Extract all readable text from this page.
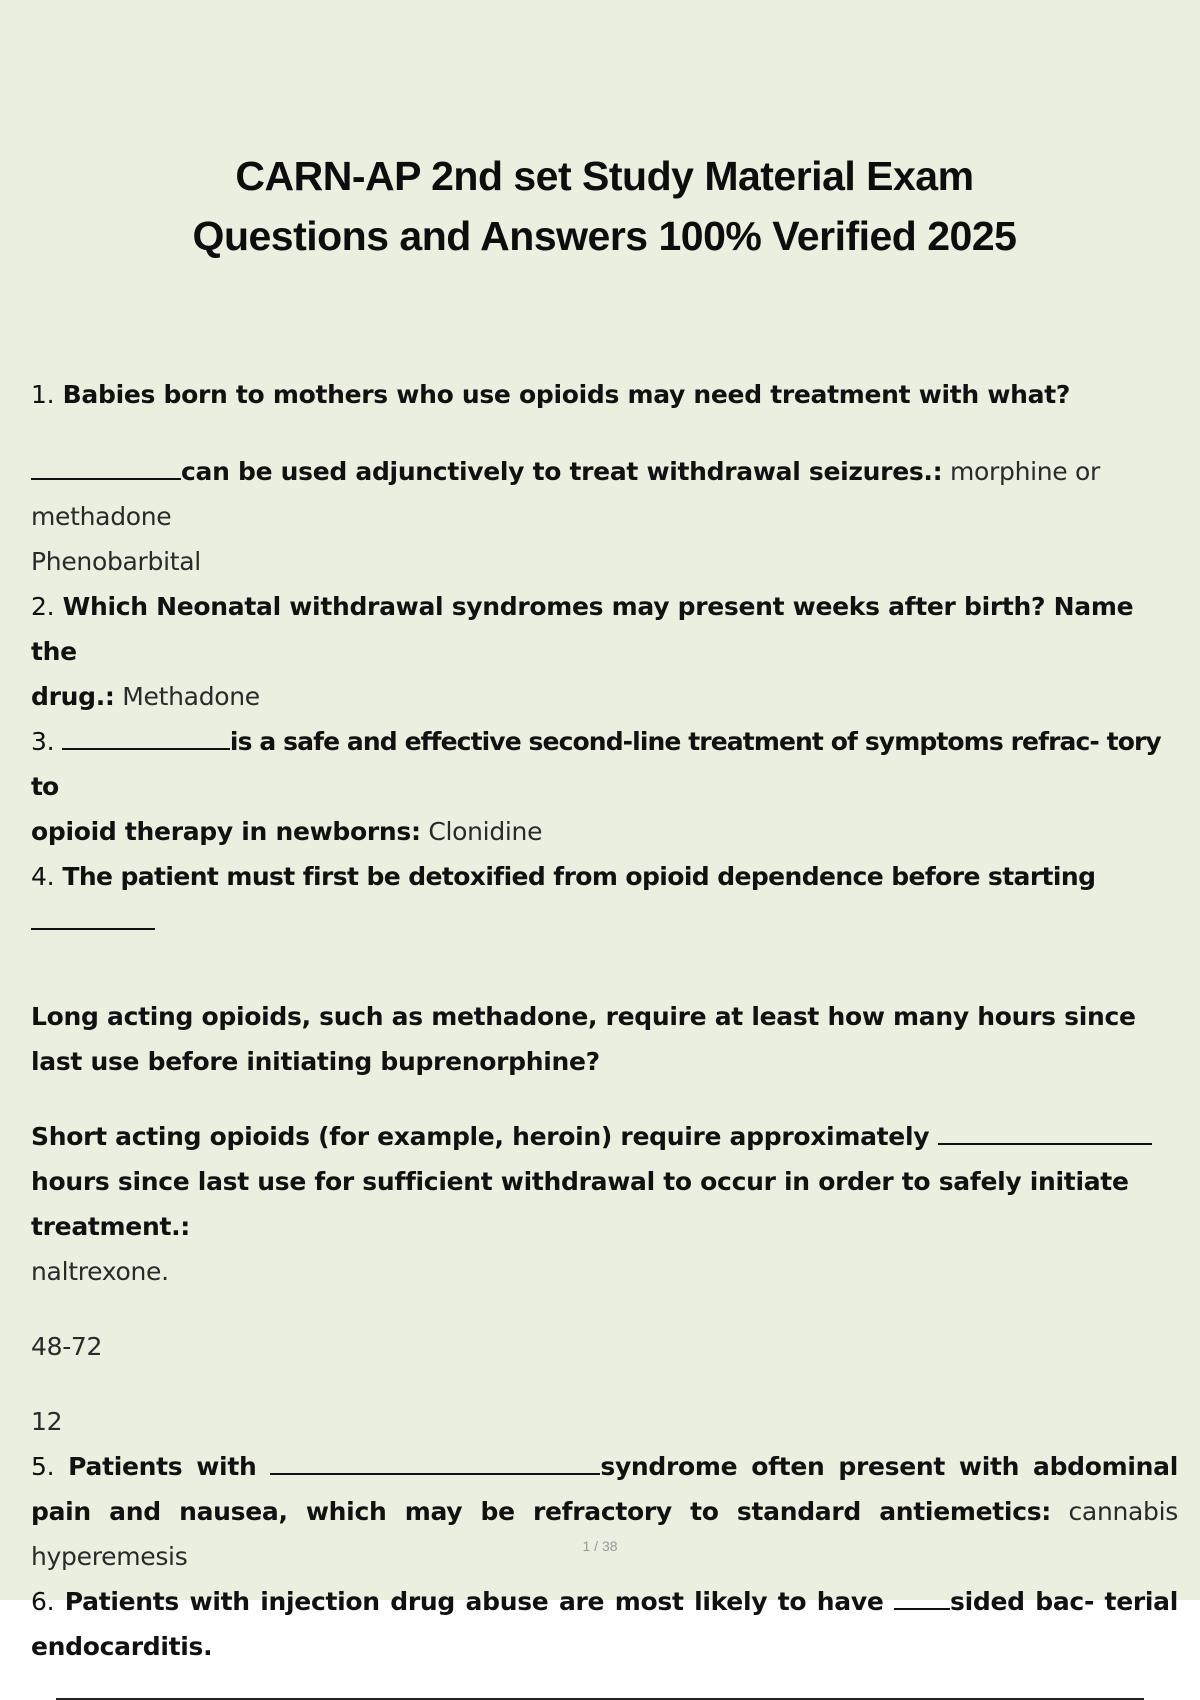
CARN-AP 2nd set Study Material Exam
Questions and Answers 100% Verified 2025

1. Babies born to mothers who use opioids may need treatment with what?

can be used adjunctively to treat withdrawal seizures.: morphine or

methadone

Phenobarbital

2. Which Neonatal withdrawal syndromes may present weeks after birth? Name the

drug.: Methadone

3.	is a safe and effective second-line treatment of symptoms refrac- tory to

opioid therapy in newborns: Clonidine

4. The patient must first be detoxified from opioid dependence before starting

Long acting opioids, such as methadone, require at least how many hours since last use before initiating buprenorphine?

Short acting opioids (for example, heroin) require approximately hours since last use for sufficient withdrawal to occur in order to safely initiate treatment.:

naltrexone.

48-72

12

5. Patients with	syndrome often present with abdominal pain and nausea, which may be refractory to standard antiemetics: cannabis hyperemesis

6. Patients with injection drug abuse are most likely to have sided bac- terial endocarditis.

1 / 38
